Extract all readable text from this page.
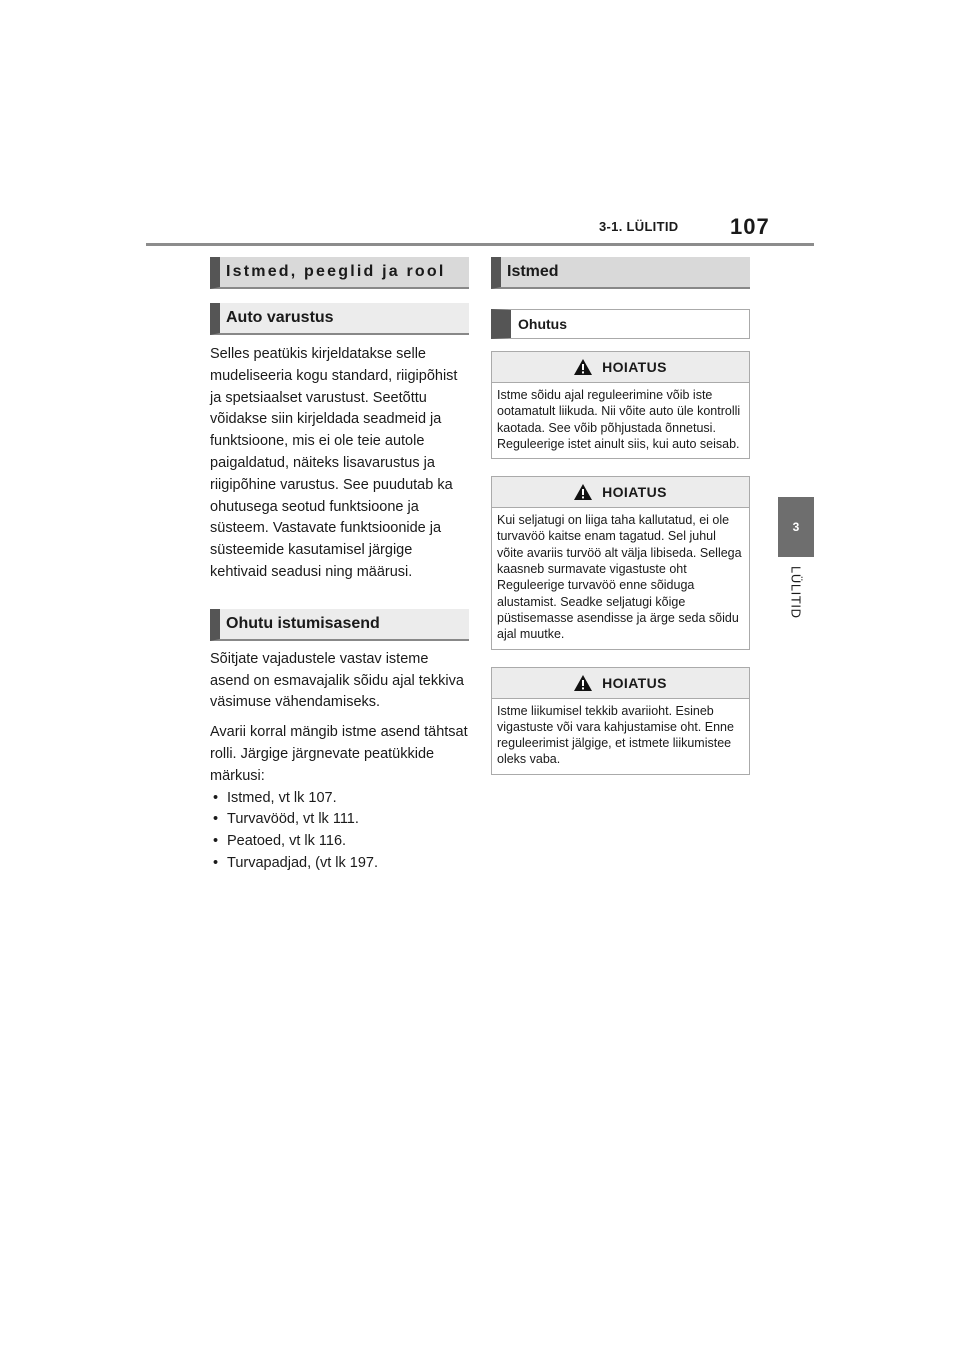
3-1. LÜLITID 107
3
LÜLITID
Istmed, peeglid ja rool
Auto varustus

Selles peatükis kirjeldatakse selle mudeliseeria kogu standard, riigipõhist ja spetsiaalset varustust. Seetõttu võidakse siin kirjeldada seadmeid ja funktsioone, mis ei ole teie autole paigaldatud, näiteks lisavarustus ja riigipõhine varustus. See puudutab ka ohutusega seotud funktsioone ja süsteem. Vastavate funktsioonide ja süsteemide kasutamisel järgige kehtivaid seadusi ning määrusi.

Ohutu istumisasend

Sõitjate vajadustele vastav isteme asend on esmavajalik sõidu ajal tekkiva väsimuse vähendamiseks.

Avarii korral mängib istme asend tähtsat rolli. Järgige järgnevate peatükkide märkusi:

• Istmed, vt lk 107.
• Turvavööd, vt lk 111.
• Peatoed, vt lk 116.
• Turvapadjad, (vt lk 197.
Istmed
Ohutus
HOIATUS
Istme sõidu ajal reguleerimine võib iste ootamatult liikuda. Nii võite auto üle kontrolli kaotada. See võib põhjustada õnnetusi. Reguleerige istet ainult siis, kui auto seisab.
HOIATUS
Kui seljatugi on liiga taha kallutatud, ei ole turvavöö kaitse enam tagatud. Sel juhul võite avariis turvöö alt välja libiseda. Sellega kaasneb surmavate vigastuste oht Reguleerige turvavöö enne sõiduga alustamist. Seadke seljatugi kõige püstisemasse asendisse ja ärge seda sõidu ajal muutke.
HOIATUS
Istme liikumisel tekkib avariioht. Esineb vigastuste või vara kahjustamise oht. Enne reguleerimist jälgige, et istmete liikumistee oleks vaba.
